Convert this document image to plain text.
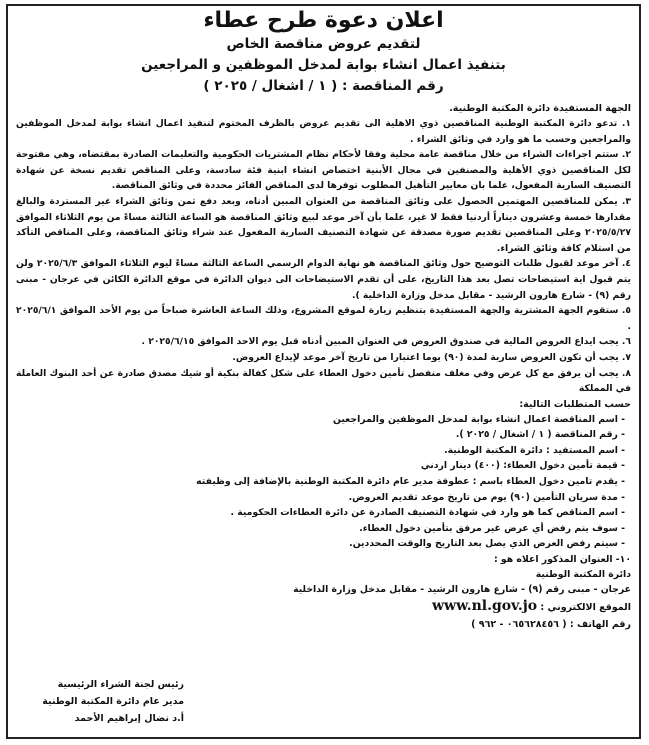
اعلان دعوة طرح عطاء
لتقديم عروض مناقصة الخاص
بتنفيذ اعمال انشاء بوابة لمدخل الموظفين و المراجعين
رقم المناقصة : ( ١ / اشغال / ٢٠٢٥ )
الجهة المستفيدة دائرة المكتبة الوطنية.
١. تدعو دائرة المكتبة الوطنية المناقصين ذوي الاهلية الى تقديم عروض بالظرف المختوم لتنفيذ اعمال انشاء بوابة لمدخل الموظفين والمراجعين وحسب ما هو وارد في وثائق الشراء .
٢. ستتم اجراءات الشراء من خلال مناقصة عامة محلية وفقا لأحكام نظام المشتريات الحكومية والتعليمات الصادرة بمقتضاه، وهي مفتوحة لكل المناقصين ذوي الأهلية والمصنفين في مجال الأبنية اختصاص انشاء ابنية فئة سادسة، وعلى المناقص تقديم نسخة عن شهادة التصنيف السارية المفعول، علما بان معايير التأهيل المطلوب توفرها لدى المناقص الفائز محددة في وثائق المناقصة.
٣. يمكن للمناقصين المهتمين الحصول على وثائق المناقصة من العنوان المبين أدناه، وبعد دفع ثمن وثائق الشراء غير المستردة والبالغ مقدارها خمسة وعشرون ديناراً أردنيا فقط لا غير، علما بأن آخر موعد لبيع وثائق المناقصة هو الساعة الثالثة مساءً من يوم الثلاثاء الموافق ٢٠٢٥/٥/٢٧ وعلى المناقصين تقديم صورة مصدقة عن شهادة التصنيف السارية المفعول عند شراء وثائق المناقصة، وعلى المناقص التأكد من استلام كافة وثائق الشراء.
٤. آخر موعد لقبول طلبات التوضيح حول وثائق المناقصة هو نهاية الدوام الرسمي الساعة الثالثة مساءً ليوم الثلاثاء الموافق ٢٠٢٥/٦/٣ ولن يتم قبول اية استيضاحات تصل بعد هذا التاريخ، على أن تقدم الاستيضاحات الى ديوان الدائرة في موقع الدائرة الكائن في عرجان - مبنى رقم (٩) - شارع هارون الرشيد - مقابل مدخل وزارة الداخلية ).
٥. ستقوم الجهة المشترية والجهة المستفيدة بتنظيم زيارة لموقع المشروع، وذلك الساعة العاشرة صباحاً من يوم الأحد الموافق ٢٠٢٥/٦/١ .
٦. يجب ايداع العروض المالية في صندوق العروض في العنوان المبين أدناه قبل يوم الاحد الموافق ٢٠٢٥/٦/١٥ .
٧. يجب أن تكون العروض سارية لمدة (٩٠) يوما اعتبارا من تاريخ آخر موعد لإيداع العروض.
٨. يجب أن يرفق مع كل عرض وفي مغلف منفصل تأمين دخول العطاء على شكل كفالة بنكية أو شيك مصدق صادرة عن أحد البنوك العاملة في المملكة
حسب المتطلبات التالية:
- اسم المناقصة اعمال انشاء بوابة لمدخل الموظفين والمراجعين
- رقم المناقصة ( ١ / اشغال / ٢٠٢٥ ).
- اسم المستفيد : دائرة المكتبة الوطنية.
- قيمة تأمين دخول العطاء: (٤٠٠) دينار اردني
- يقدم تامين دخول العطاء باسم : عطوفة مدير عام دائرة المكتبة الوطنية بالإضافة إلى وظيفته
- مدة سريان التأمين (٩٠) يوم من تاريخ موعد تقديم العروض.
- اسم المناقص كما هو وارد في شهادة التصنيف الصادرة عن دائرة العطاءات الحكومية .
- سوف يتم رفض أي عرض غير مرفق بتأمين دخول العطاء.
- سيتم رفض العرض الذي يصل بعد التاريخ والوقت المحددين.
١٠- العنوان المذكور اعلاه هو :
دائرة المكتبة الوطنية
عرجان - مبنى رقم (٩) - شارع هارون الرشيد - مقابل مدخل وزارة الداخلية
الموقع الالكتروني : www.nl.gov.jo
رقم الهاتف : ( ٠٦٥٦٢٨٤٥٦ - ٩٦٢ )
رئيس لجنة الشراء الرئيسية
مدير عام دائرة المكتبة الوطنية
أ.د نضال إبراهيم الأحمد
